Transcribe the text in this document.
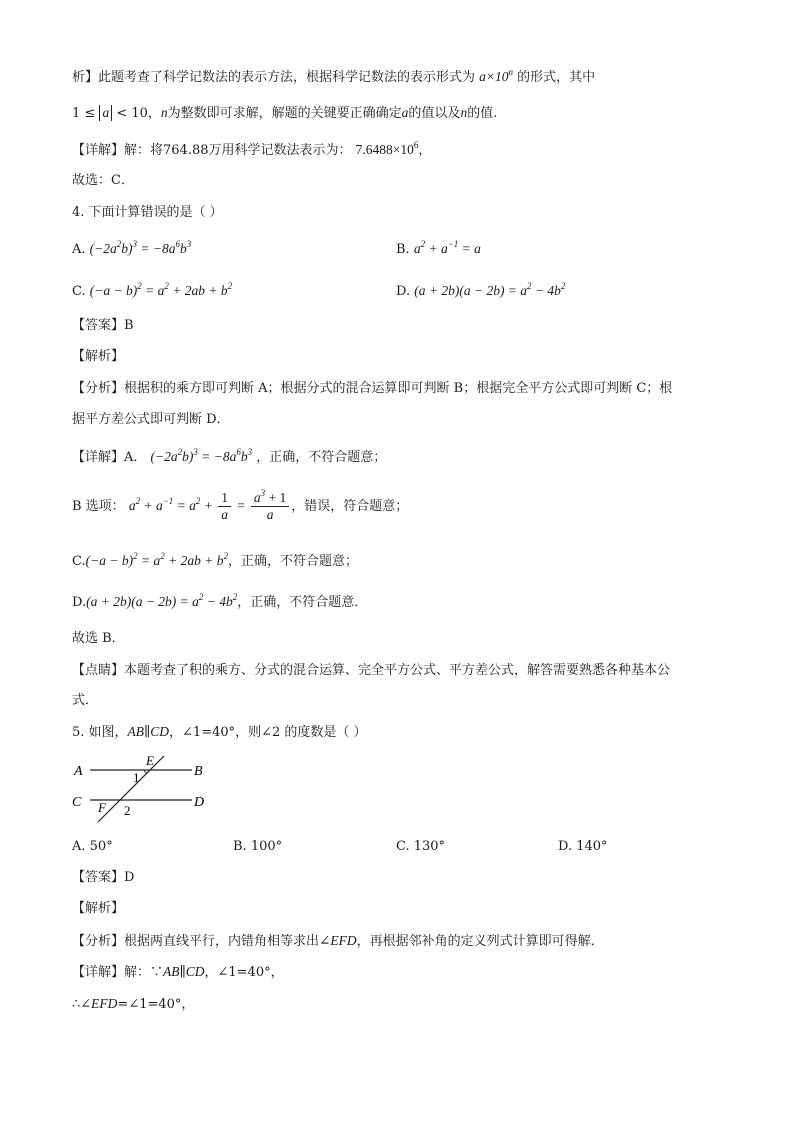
析】此题考查了科学记数法的表示方法，根据科学记数法的表示形式为 $a\times 10^n$ 的形式，其中
1 ≤ a < 10，n为整数即可求解，解题的关键要正确确定a的值以及n的值.
【详解】解：将764.88万用科学记数法表示为： $7.6488\times 10^6$，
故选：C．
4. 下面计算错误的是（ ）
A. $(-2a^2b)^3 = -8a^6b^3$	B. $a^2 + a^{-1} = a$
C. $(-a - b)^2 = a^2 + 2ab + b^2$	D. $(a + 2b)(a - 2b) = a^2 - 4b^2$
【答案】B
【解析】
【分析】根据积的乘方即可判断 A；根据分式的混合运算即可判断 B；根据完全平方公式即可判断 C；根
据平方差公式即可判断 D．
【详解】A． $(-2a^2b)^3 = -8a^6b^3$ ，正确，不符合题意；
B 选项： $a^2 + a^{-1} = a^2 + \frac{1}{a} = \frac{a^3 + 1}{a}$ ，错误，符合题意；
$C.(-a - b)^2 = a^2 + 2ab + b^2$，正确，不符合题意；
$D.(a + 2b)(a - 2b) = a^2 - 4b^2$，正确，不符合题意．
故选 B．
【点睛】本题考查了积的乘方、分式的混合运算、完全平方公式、平方差公式，解答需要熟悉各种基本公
式．
5. 如图，AB∥CD，∠1=40°，则∠2 的度数是（ ）
A	B
C	D
E
F
1
2
A. 50°	B. 100°	C. 130°	D. 140°
【答案】D
【解析】
【分析】根据两直线平行，内错角相等求出∠EFD，再根据邻补角的定义列式计算即可得解．
【详解】解：∵AB∥CD，∠1=40°，
∴∠EFD=∠1=40°，
